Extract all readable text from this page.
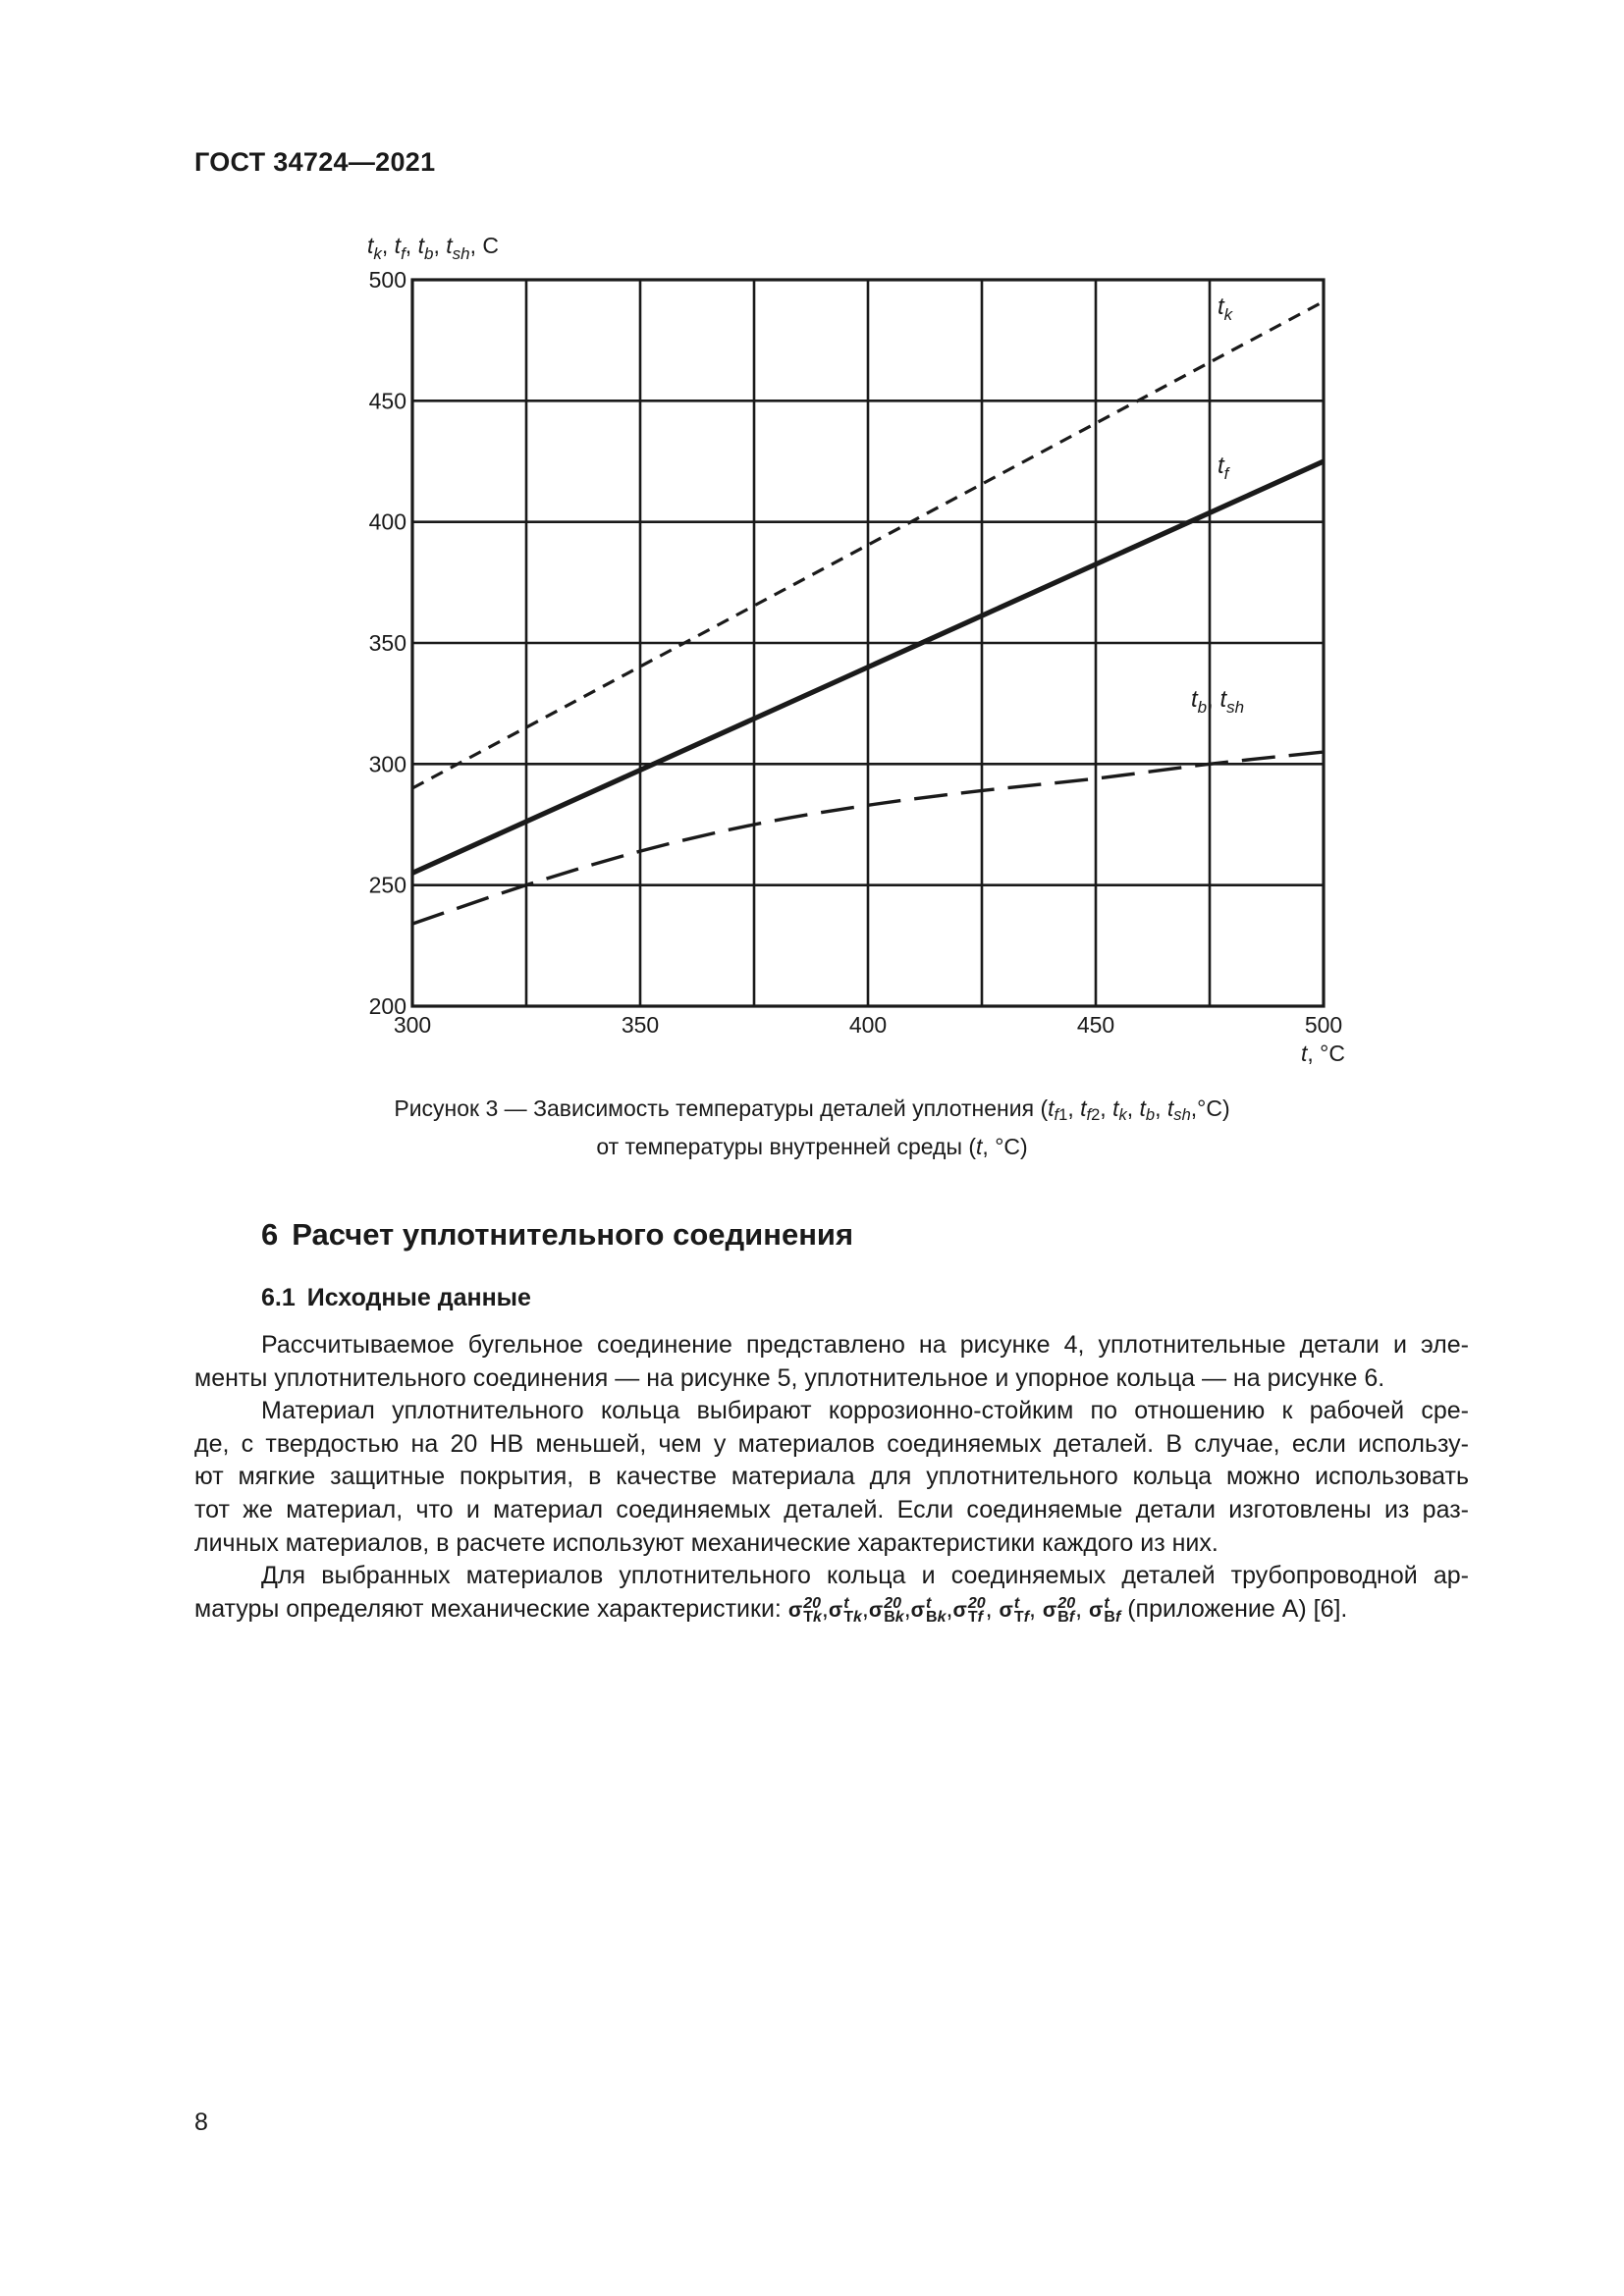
ГОСТ 34724—2021
200
250
300
350
400
450
500
300	350	400	450	500
$t_k$, $t_f$, $t_b$, $t_{sh}$, С
t, °С
$t_k$
$t_f$
$t_b$, $t_{sh}$
Рисунок 3 — Зависимость температуры деталей уплотнения ($t_{f1}$, $t_{f2}$, $t_k$, $t_b$, $t_{sh},^\circ С$)
от температуры внутренней среды (t, °С)
6 Расчет уплотнительного соединения
6.1 Исходные данные

Рассчитываемое бугельное соединение представлено на рисунке 4, уплотнительные детали и эле-
менты уплотнительного соединения — на рисунке 5, уплотнительное и упорное кольца — на рисунке 6.

Материал уплотнительного кольца выбирают коррозионно-стойким по отношению к рабочей сре-
де, с твердостью на 20 НВ меньшей, чем у материалов соединяемых деталей. В случае, если использу-
ют мягкие защитные покрытия, в качестве материала для уплотнительного кольца можно использовать
тот же материал, что и материал соединяемых деталей. Если соединяемые детали изготовлены из раз-
личных материалов, в расчете используют механические характеристики каждого из них.

Для выбранных материалов уплотнительного кольца и соединяемых деталей трубопроводной ар-
матуры определяют механические характеристики: σ 20
Tk ,σ t
Tk ,σ 20
Bk ,σ t
Bk ,σ 20
Tf , σ t
Tf , σ 20
Bf , σ t
Bf (приложение А) [6].

8
